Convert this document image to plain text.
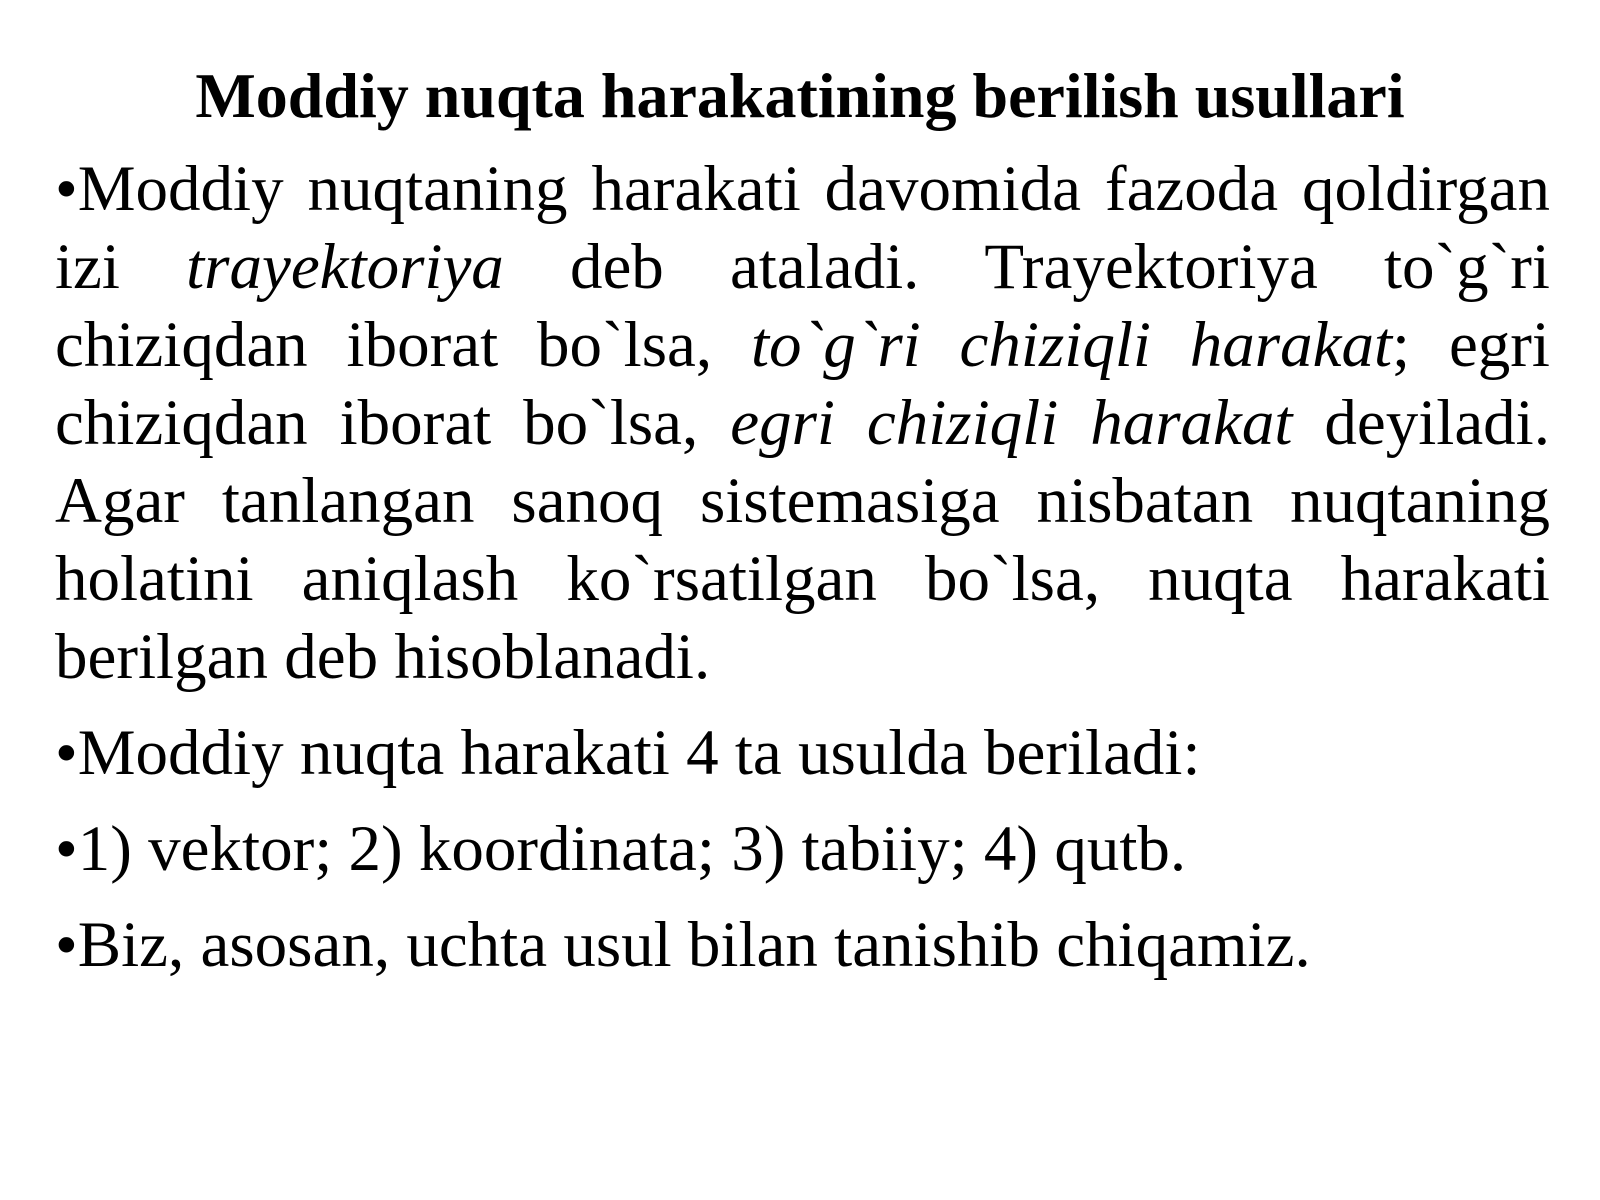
Moddiy nuqta harakatining berilish usullari

•Moddiy nuqtaning harakati davomida fazoda qoldirgan izi trayektoriya deb ataladi. Trayektoriya to`g`ri chiziqdan iborat bo`lsa, to`g`ri chiziqli harakat; egri chiziqdan iborat bo`lsa, egri chiziqli harakat deyiladi. Agar tanlangan sanoq sistemasiga nisbatan nuqtaning holatini aniqlash ko`rsatilgan bo`lsa, nuqta harakati berilgan deb hisoblanadi.

•Moddiy nuqta harakati 4 ta usulda beriladi:

•1) vektor; 2) koordinata; 3) tabiiy; 4) qutb.

•Biz, asosan, uchta usul bilan tanishib chiqamiz.
